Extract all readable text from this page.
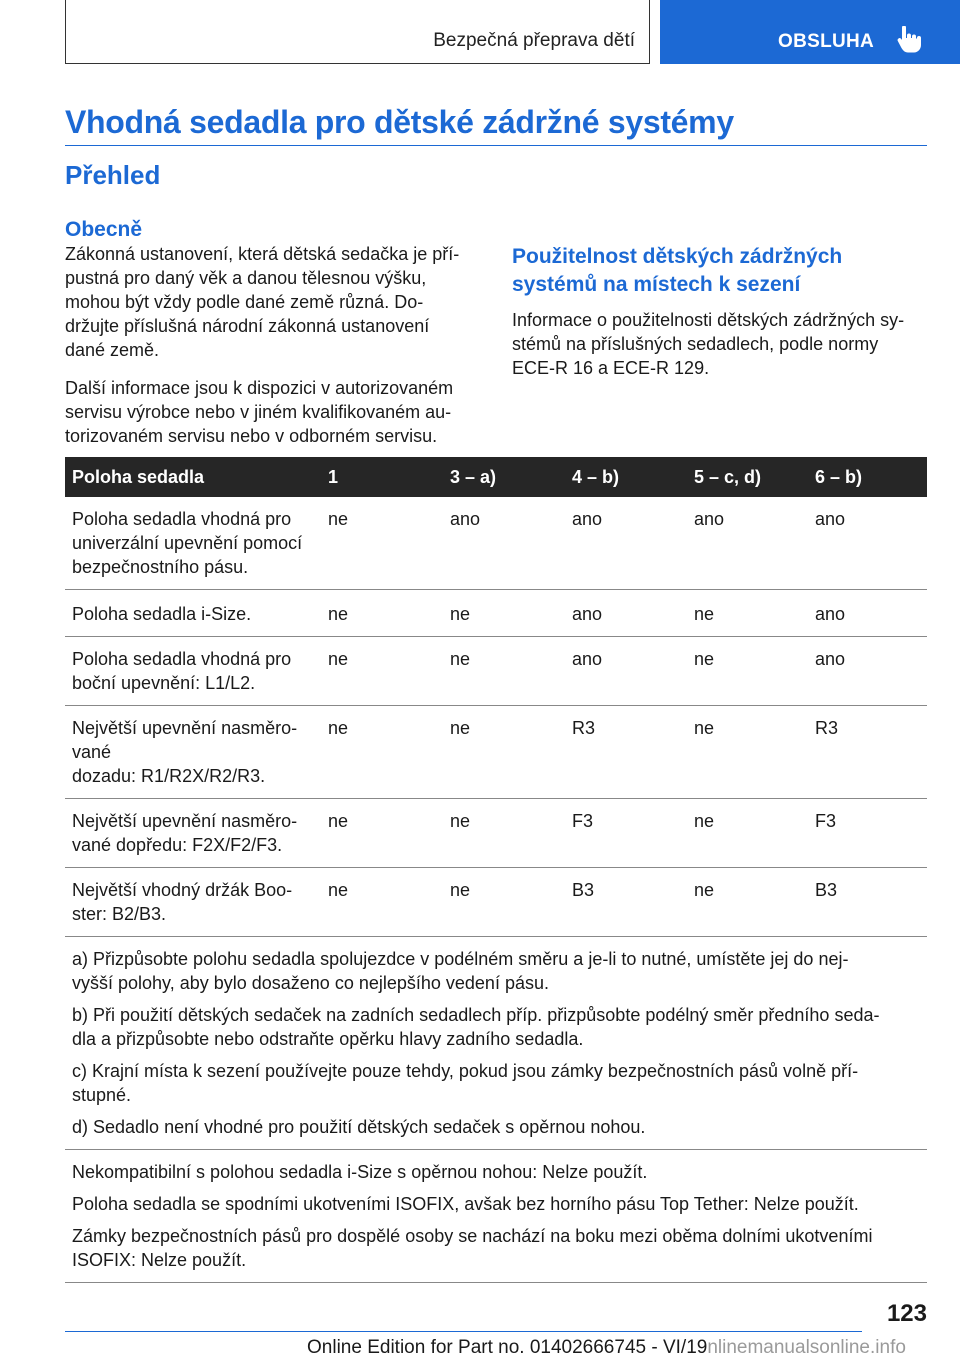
Bezpečná přeprava dětí	OBSLUHA
Vhodná sedadla pro dětské zádržné systémy
Přehled
Obecně
Zákonná ustanovení, která dětská sedačka je pří-
pustná pro daný věk a danou tělesnou výšku,
mohou být vždy podle dané země různá. Do-
držujte příslušná národní zákonná ustanovení
dané země.
Další informace jsou k dispozici v autorizovaném
servisu výrobce nebo v jiném kvalifikovaném au-
torizovaném servisu nebo v odborném servisu.
Použitelnost dětských zádržných
systémů na místech k sezení
Informace o použitelnosti dětských zádržných sy-
stémů na příslušných sedadlech, podle normy
ECE-R 16 a ECE-R 129.
Poloha sedadla	1	3 – a)	4 – b)	5 – c, d)	6 – b)
Poloha sedadla vhodná pro
univerzální upevnění pomocí
bezpečnostního pásu.
ne	ano	ano	ano	ano
Poloha sedadla i-Size.	ne	ne	ano	ne	ano
Poloha sedadla vhodná pro
boční upevnění: L1/L2.
ne	ne	ano	ne	ano
Největší upevnění nasměro-
vané
dozadu: R1/R2X/R2/R3.
ne	ne	R3	ne	R3
Největší upevnění nasměro-
vané dopředu: F2X/F2/F3.
ne	ne	F3	ne	F3
Největší vhodný držák Boo-
ster: B2/B3.
ne	ne	B3	ne	B3

a) Přizpůsobte polohu sedadla spolujezdce v podélném směru a je-li to nutné, umístěte jej do nej-
vyšší polohy, aby bylo dosaženo co nejlepšího vedení pásu.

b) Při použití dětských sedaček na zadních sedadlech příp. přizpůsobte podélný směr předního seda-
dla a přizpůsobte nebo odstraňte opěrku hlavy zadního sedadla.

c) Krajní místa k sezení používejte pouze tehdy, pokud jsou zámky bezpečnostních pásů volně pří-
stupné.

d) Sedadlo není vhodné pro použití dětských sedaček s opěrnou nohou.

Nekompatibilní s polohou sedadla i-Size s opěrnou nohou: Nelze použít.

Poloha sedadla se spodními ukotveními ISOFIX, avšak bez horního pásu Top Tether: Nelze použít.

Zámky bezpečnostních pásů pro dospělé osoby se nachází na boku mezi oběma dolními ukotveními
ISOFIX: Nelze použít.

123
Online Edition for Part no. 01402666745 - VI/19nlinemanualsonline.info
